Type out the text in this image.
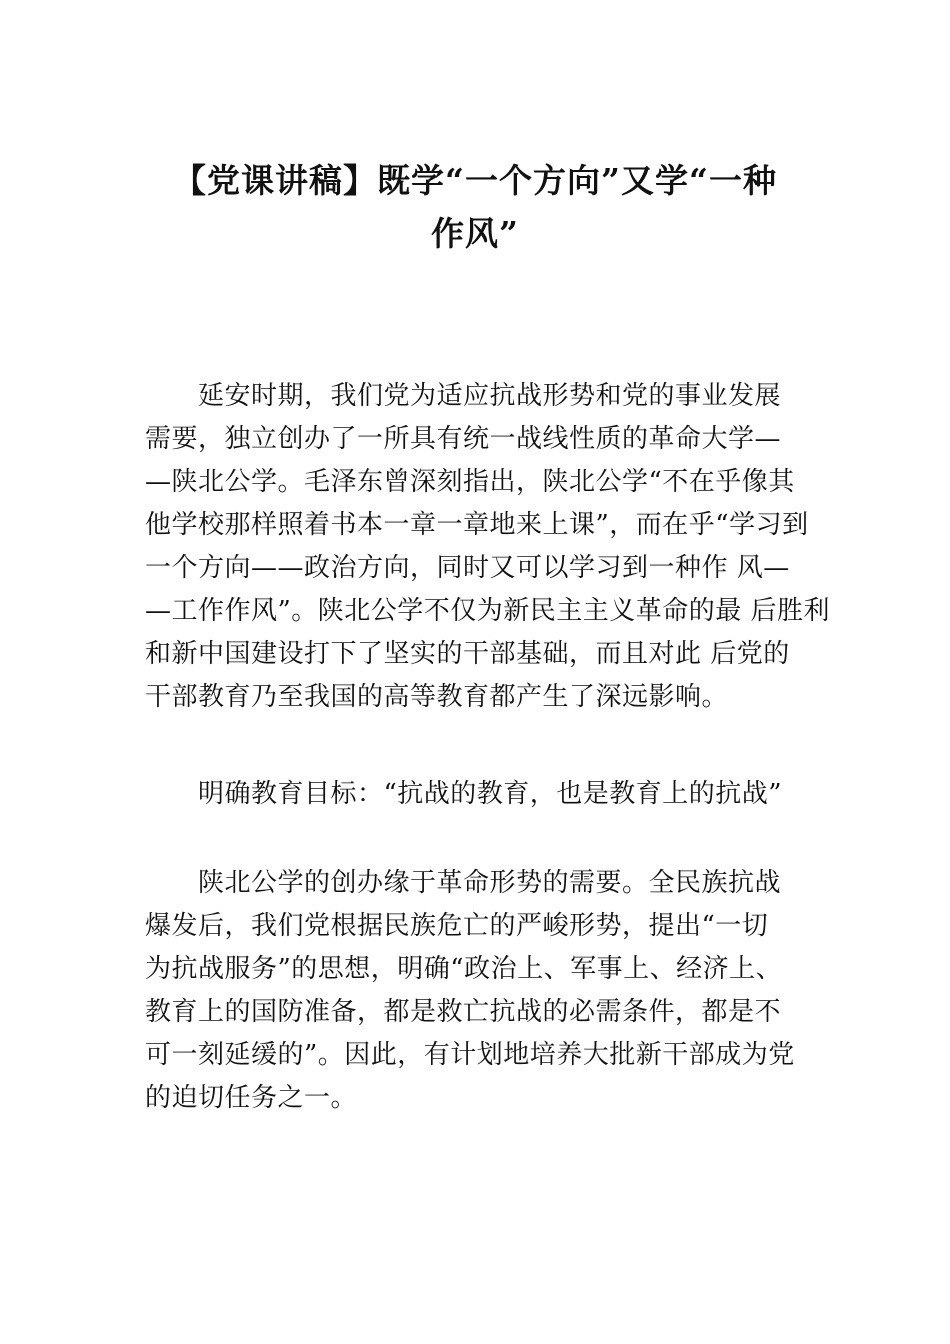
【党课讲稿】既学“一个方向”又学“一种
作风”
延安时期，我们党为适应抗战形势和党的事业发展
需要，独立创办了一所具有统一战线性质的革命大学—
—陕北公学。毛泽东曾深刻指出，陕北公学“不在乎像其
他学校那样照着书本一章一章地来上课”，而在乎“学习到
一个方向——政治方向，同时又可以学习到一种作 风—
—工作作风”。陕北公学不仅为新民主主义革命的最 后胜利
和新中国建设打下了坚实的干部基础，而且对此 后党的
干部教育乃至我国的高等教育都产生了深远影响。
明确教育目标：“抗战的教育，也是教育上的抗战”
陕北公学的创办缘于革命形势的需要。全民族抗战
爆发后，我们党根据民族危亡的严峻形势，提出“一切
为抗战服务”的思想，明确“政治上、军事上、经济上、
教育上的国防准备，都是救亡抗战的必需条件，都是不
可一刻延缓的”。因此，有计划地培养大批新干部成为党
的迫切任务之一。
